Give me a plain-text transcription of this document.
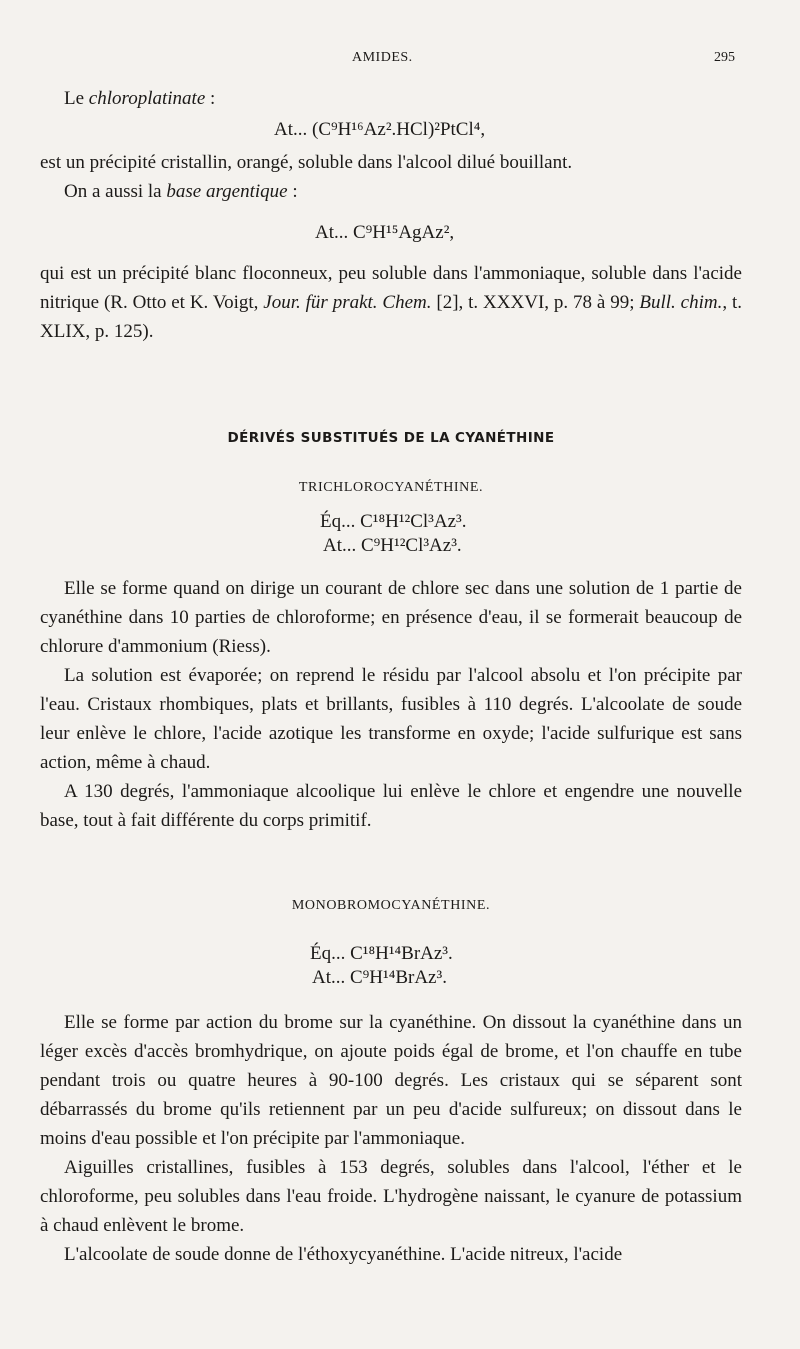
AMIDES.	295

Le chloroplatinate :

At... (C⁹H¹⁶Az².HCl)²PtCl⁴,

est un précipité cristallin, orangé, soluble dans l'alcool dilué bouillant.

On a aussi la base argentique :

At... C⁹H¹⁵AgAz²,

qui est un précipité blanc floconneux, peu soluble dans l'ammoniaque, soluble dans l'acide nitrique (R. Otto et K. Voigt, Jour. für prakt. Chem. [2], t. XXXVI, p. 78 à 99; Bull. chim., t. XLIX, p. 125).

DÉRIVÉS SUBSTITUÉS DE LA CYANÉTHINE
TRICHLOROCYANÉTHINE.
Éq... C¹⁸H¹²Cl³Az³.
At... C⁹H¹²Cl³Az³.

Elle se forme quand on dirige un courant de chlore sec dans une solution de 1 partie de cyanéthine dans 10 parties de chloroforme; en présence d'eau, il se formerait beaucoup de chlorure d'ammonium (Riess).

La solution est évaporée; on reprend le résidu par l'alcool absolu et l'on précipite par l'eau. Cristaux rhombiques, plats et brillants, fusibles à 110 degrés. L'alcoolate de soude leur enlève le chlore, l'acide azotique les transforme en oxyde; l'acide sulfurique est sans action, même à chaud.

A 130 degrés, l'ammoniaque alcoolique lui enlève le chlore et engendre une nouvelle base, tout à fait différente du corps primitif.

MONOBROMOCYANÉTHINE.
Éq... C¹⁸H¹⁴BrAz³.
At... C⁹H¹⁴BrAz³.

Elle se forme par action du brome sur la cyanéthine. On dissout la cyanéthine dans un léger excès d'accès bromhydrique, on ajoute poids égal de brome, et l'on chauffe en tube pendant trois ou quatre heures à 90-100 degrés. Les cristaux qui se séparent sont débarrassés du brome qu'ils retiennent par un peu d'acide sulfureux; on dissout dans le moins d'eau possible et l'on précipite par l'ammoniaque.

Aiguilles cristallines, fusibles à 153 degrés, solubles dans l'alcool, l'éther et le chloroforme, peu solubles dans l'eau froide. L'hydrogène naissant, le cyanure de potassium à chaud enlèvent le brome.

L'alcoolate de soude donne de l'éthoxycyanéthine. L'acide nitreux, l'acide
